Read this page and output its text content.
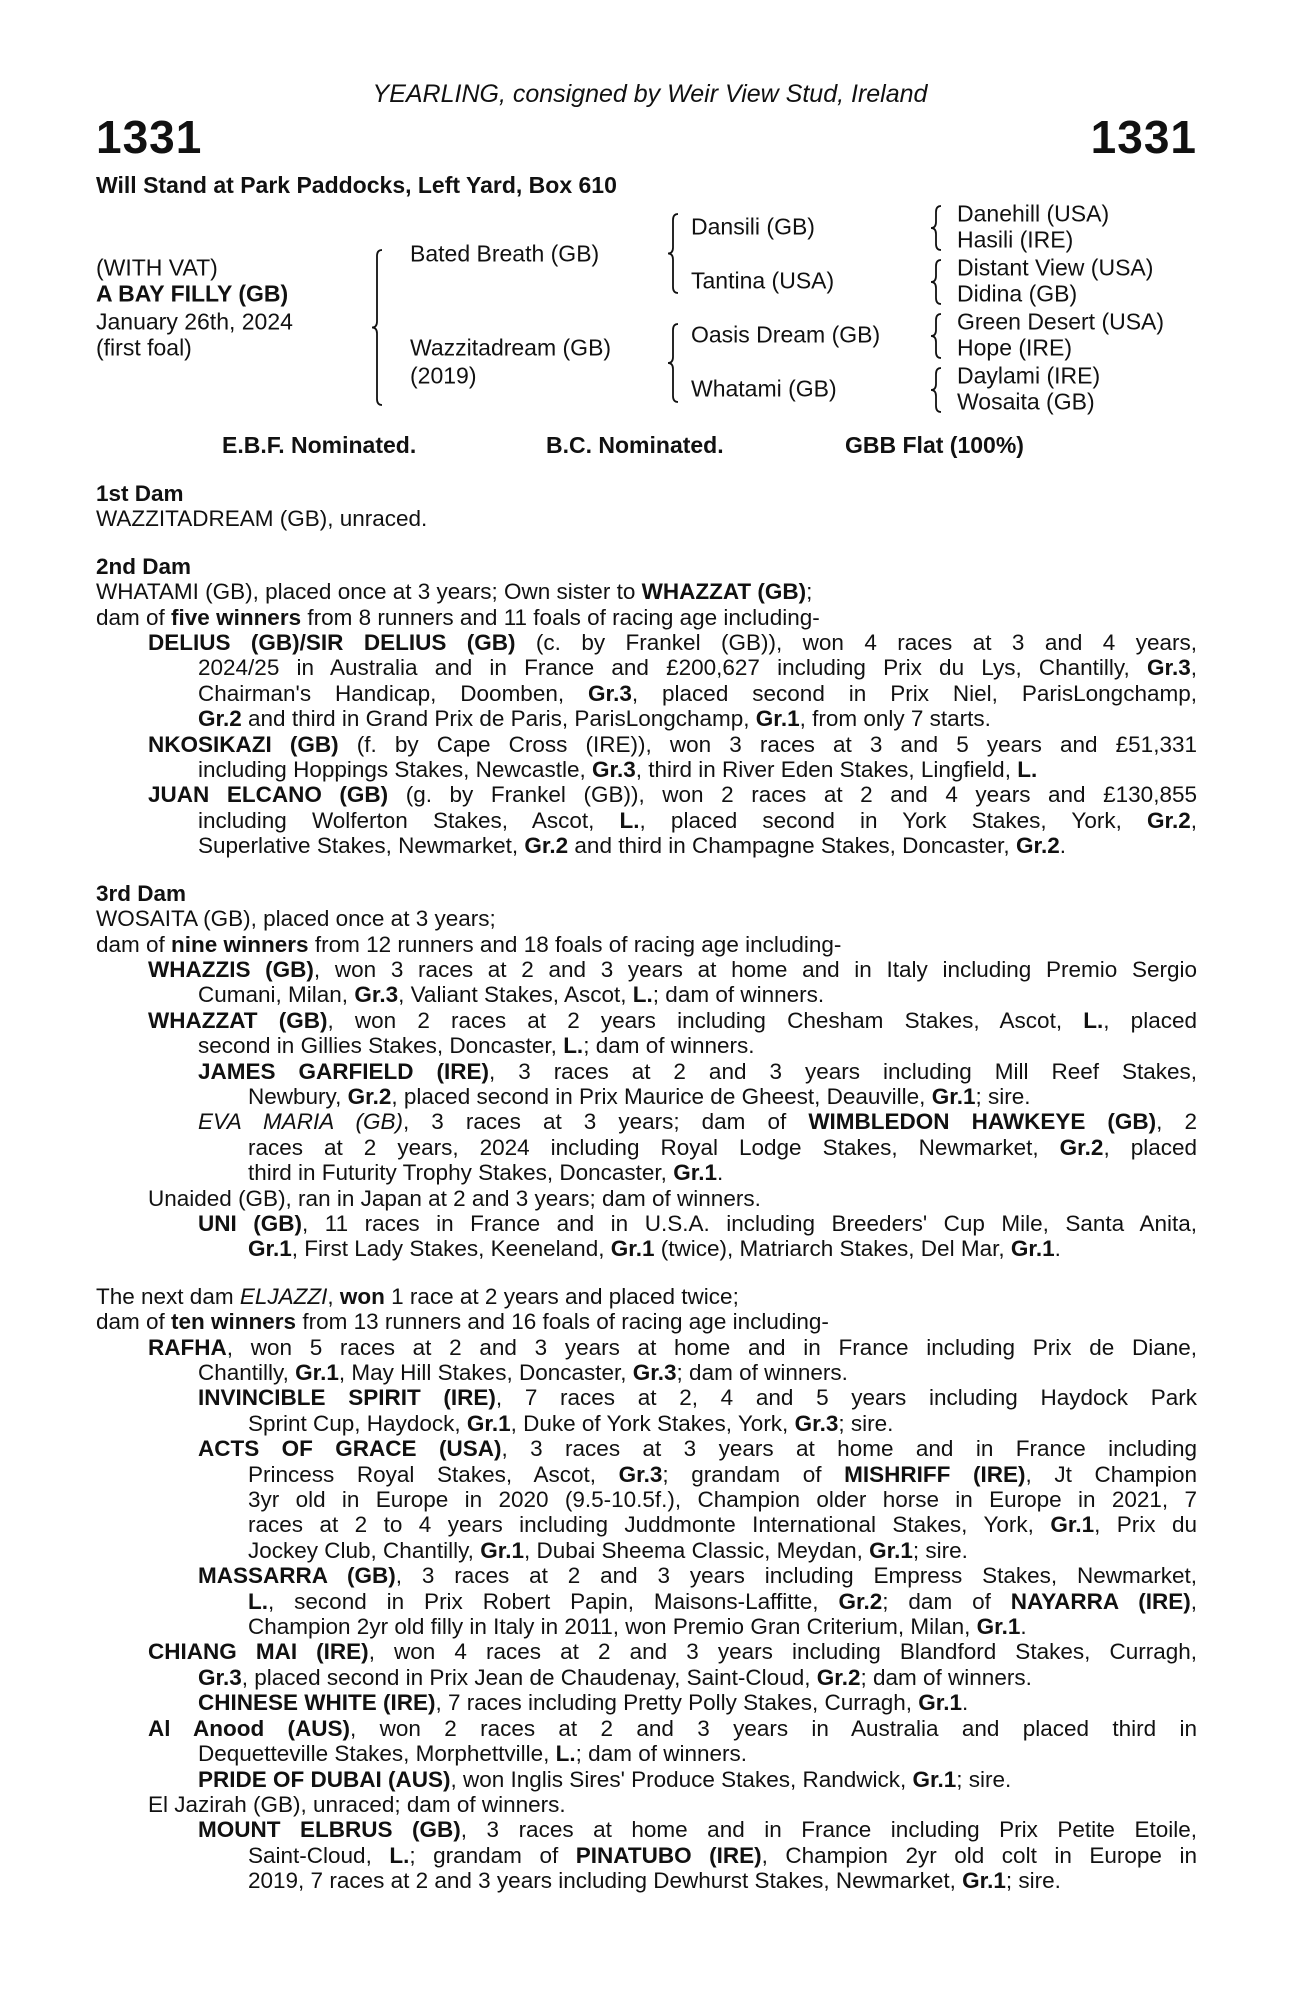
YEARLING, consigned by Weir View Stud, Ireland
1331	1331
Will Stand at Park Paddocks, Left Yard, Box 610
(WITH VAT)
A BAY FILLY (GB)
January 26th, 2024
(first foal)
Bated Breath (GB)
Wazzitadream (GB)
(2019)
Dansili (GB)
Tantina (USA)
Oasis Dream (GB)
Whatami (GB)
Danehill (USA)
Hasili (IRE)
Distant View (USA)
Didina (GB)
Green Desert (USA)
Hope (IRE)
Daylami (IRE)
Wosaita (GB)
E.B.F. Nominated.	B.C. Nominated.	GBB Flat (100%)
1st Dam
WAZZITADREAM (GB), unraced.
2nd Dam
WHATAMI (GB), placed once at 3 years; Own sister to WHAZZAT (GB);
dam of five winners from 8 runners and 11 foals of racing age including-
DELIUS (GB)/SIR DELIUS (GB) (c. by Frankel (GB)), won 4 races at 3 and 4 years,
2024/25 in Australia and in France and £200,627 including Prix du Lys, Chantilly, Gr.3,
Chairman's Handicap, Doomben, Gr.3, placed second in Prix Niel, ParisLongchamp,
Gr.2 and third in Grand Prix de Paris, ParisLongchamp, Gr.1, from only 7 starts.
NKOSIKAZI (GB) (f. by Cape Cross (IRE)), won 3 races at 3 and 5 years and £51,331
including Hoppings Stakes, Newcastle, Gr.3, third in River Eden Stakes, Lingfield, L.
JUAN ELCANO (GB) (g. by Frankel (GB)), won 2 races at 2 and 4 years and £130,855
including Wolferton Stakes, Ascot, L., placed second in York Stakes, York, Gr.2,
Superlative Stakes, Newmarket, Gr.2 and third in Champagne Stakes, Doncaster, Gr.2.
3rd Dam
WOSAITA (GB), placed once at 3 years;
dam of nine winners from 12 runners and 18 foals of racing age including-
WHAZZIS (GB), won 3 races at 2 and 3 years at home and in Italy including Premio Sergio
Cumani, Milan, Gr.3, Valiant Stakes, Ascot, L.; dam of winners.
WHAZZAT (GB), won 2 races at 2 years including Chesham Stakes, Ascot, L., placed
second in Gillies Stakes, Doncaster, L.; dam of winners.
JAMES GARFIELD (IRE), 3 races at 2 and 3 years including Mill Reef Stakes,
Newbury, Gr.2, placed second in Prix Maurice de Gheest, Deauville, Gr.1; sire.
EVA MARIA (GB), 3 races at 3 years; dam of WIMBLEDON HAWKEYE (GB), 2
races at 2 years, 2024 including Royal Lodge Stakes, Newmarket, Gr.2, placed
third in Futurity Trophy Stakes, Doncaster, Gr.1.
Unaided (GB), ran in Japan at 2 and 3 years; dam of winners.
UNI (GB), 11 races in France and in U.S.A. including Breeders' Cup Mile, Santa Anita,
Gr.1, First Lady Stakes, Keeneland, Gr.1 (twice), Matriarch Stakes, Del Mar, Gr.1.
The next dam ELJAZZI, won 1 race at 2 years and placed twice;
dam of ten winners from 13 runners and 16 foals of racing age including-
RAFHA, won 5 races at 2 and 3 years at home and in France including Prix de Diane,
Chantilly, Gr.1, May Hill Stakes, Doncaster, Gr.3; dam of winners.
INVINCIBLE SPIRIT (IRE), 7 races at 2, 4 and 5 years including Haydock Park
Sprint Cup, Haydock, Gr.1, Duke of York Stakes, York, Gr.3; sire.
ACTS OF GRACE (USA), 3 races at 3 years at home and in France including
Princess Royal Stakes, Ascot, Gr.3; grandam of MISHRIFF (IRE), Jt Champion
3yr old in Europe in 2020 (9.5-10.5f.), Champion older horse in Europe in 2021, 7
races at 2 to 4 years including Juddmonte International Stakes, York, Gr.1, Prix du
Jockey Club, Chantilly, Gr.1, Dubai Sheema Classic, Meydan, Gr.1; sire.
MASSARRA (GB), 3 races at 2 and 3 years including Empress Stakes, Newmarket,
L., second in Prix Robert Papin, Maisons-Laffitte, Gr.2; dam of NAYARRA (IRE),
Champion 2yr old filly in Italy in 2011, won Premio Gran Criterium, Milan, Gr.1.
CHIANG MAI (IRE), won 4 races at 2 and 3 years including Blandford Stakes, Curragh,
Gr.3, placed second in Prix Jean de Chaudenay, Saint-Cloud, Gr.2; dam of winners.
CHINESE WHITE (IRE), 7 races including Pretty Polly Stakes, Curragh, Gr.1.
Al Anood (AUS), won 2 races at 2 and 3 years in Australia and placed third in
Dequetteville Stakes, Morphettville, L.; dam of winners.
PRIDE OF DUBAI (AUS), won Inglis Sires' Produce Stakes, Randwick, Gr.1; sire.
El Jazirah (GB), unraced; dam of winners.
MOUNT ELBRUS (GB), 3 races at home and in France including Prix Petite Etoile,
Saint-Cloud, L.; grandam of PINATUBO (IRE), Champion 2yr old colt in Europe in
2019, 7 races at 2 and 3 years including Dewhurst Stakes, Newmarket, Gr.1; sire.
